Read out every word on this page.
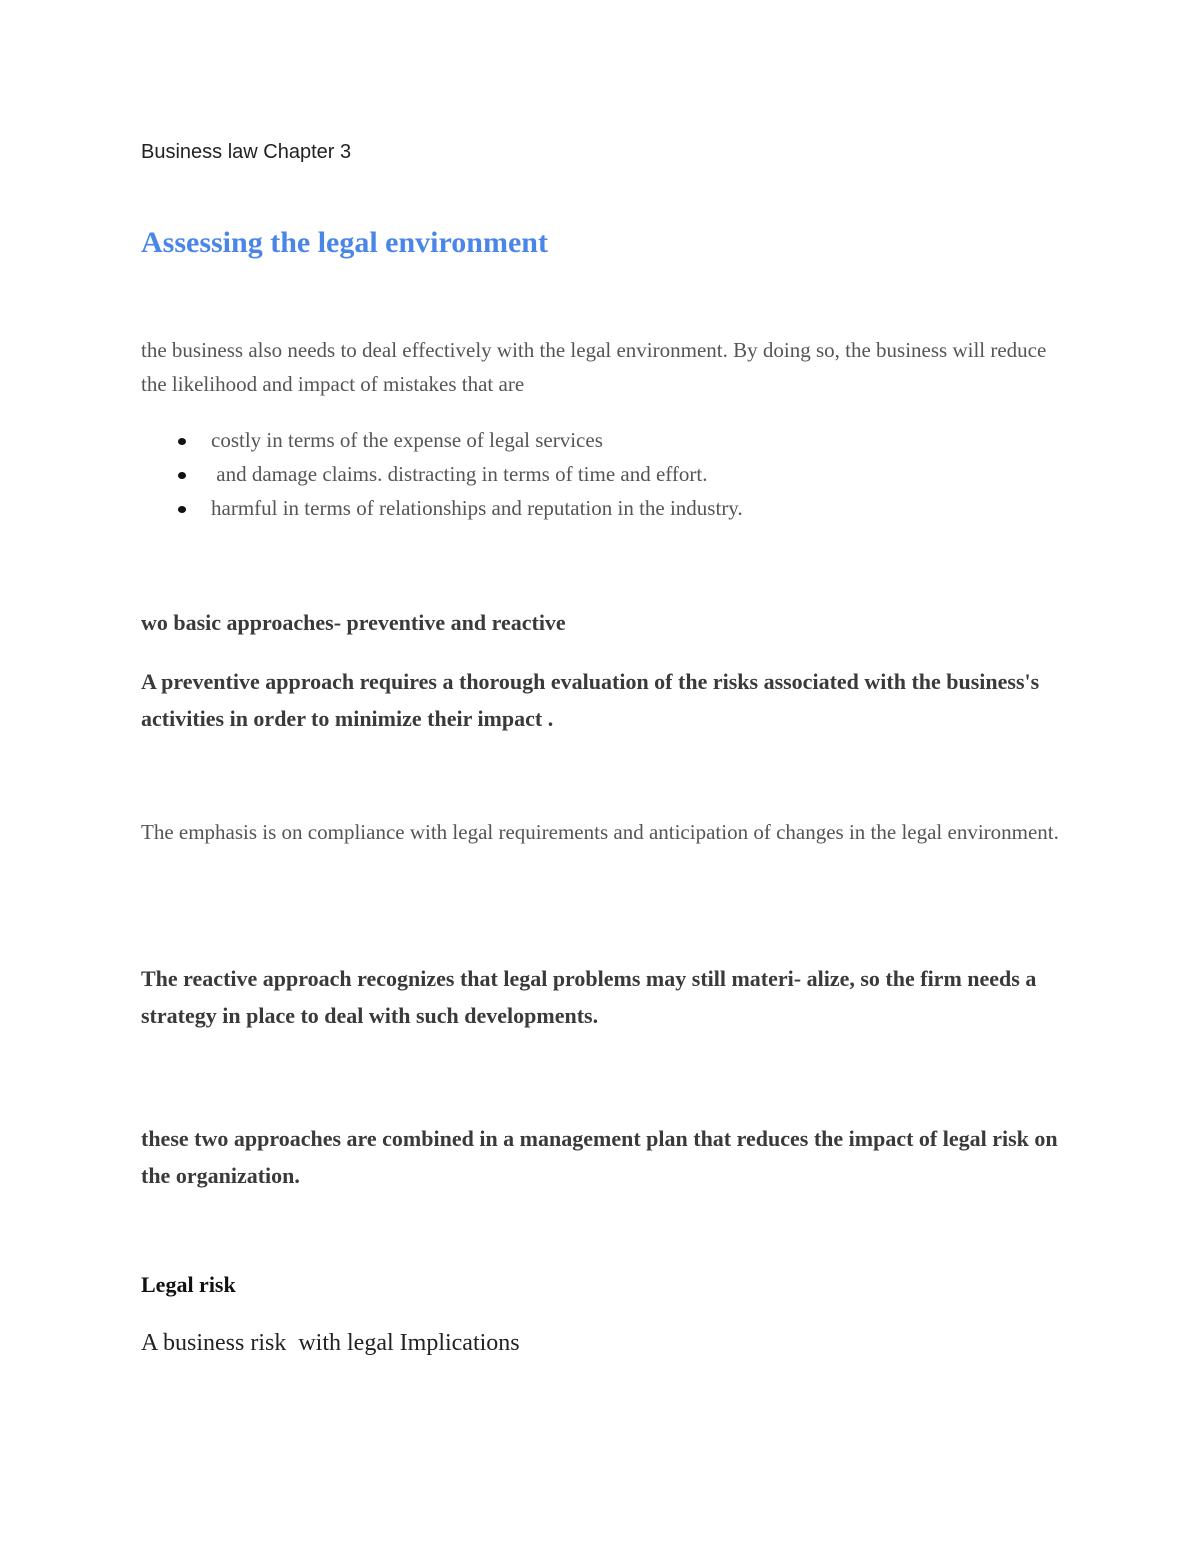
Business law Chapter 3
Assessing the legal environment

the business also needs to deal effectively with the legal environment. By doing so, the business will reduce the likelihood and impact of mistakes that are

costly in terms of the expense of legal services
and damage claims. distracting in terms of time and effort.
harmful in terms of relationships and reputation in the industry.

wo basic approaches- preventive and reactive

A preventive approach requires a thorough evaluation of the risks associated with the business's activities in order to minimize their impact .

The emphasis is on compliance with legal requirements and anticipation of changes in the legal environment.

The reactive approach recognizes that legal problems may still materi- alize, so the firm needs a strategy in place to deal with such developments.

these two approaches are combined in a management plan that reduces the impact of legal risk on the organization.

Legal risk

A business risk  with legal Implications
